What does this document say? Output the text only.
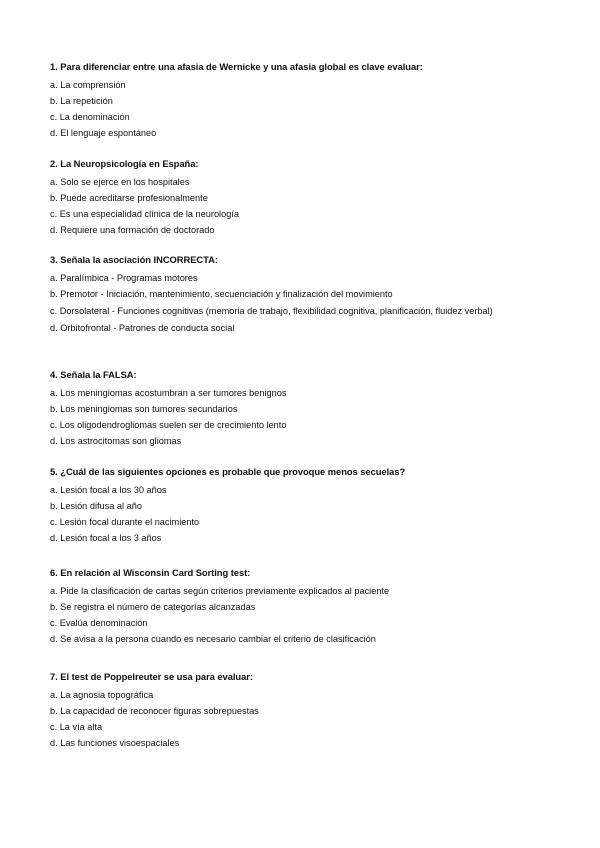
1. Para diferenciar entre una afasia de Wernicke y una afasia global es clave evaluar:
a. La comprensión
b. La repetición
c. La denominación
d. El lenguaje espontáneo
2. La Neuropsicología en España:
a. Solo se ejerce en los hospitales
b. Puede acreditarse profesionalmente
c. Es una especialidad clínica de la neurología
d. Requiere una formación de doctorado
3. Señala la asociación INCORRECTA:
a. Paralímbica - Programas motores
b. Premotor - Iniciación, mantenimiento, secuenciación y finalización del movimiento
c. Dorsolateral - Funciones cognitivas (memoria de trabajo, flexibilidad cognitiva, planificación, fluidez verbal)
d. Orbitofrontal - Patrones de conducta social
4. Señala la FALSA:
a. Los meningiomas acostumbran a ser tumores benignos
b. Los meningiomas son tumores secundarios
c. Los oligodendrogliomas suelen ser de crecimiento lento
d. Los astrocitomas son gliomas
5. ¿Cuál de las siguientes opciones es probable que provoque menos secuelas?
a. Lesión focal a los 30 años
b. Lesión difusa al año
c. Lesión focal durante el nacimiento
d. Lesión focal a los 3 años
6. En relación al Wisconsin Card Sorting test:
a. Pide la clasificación de cartas según criterios previamente explicados al paciente
b. Se registra el número de categorías alcanzadas
c. Evalúa denominación
d. Se avisa a la persona cuando es necesario cambiar el criterio de clasificación
7. El test de Poppelreuter se usa para evaluar:
a. La agnosia topográfica
b. La capacidad de reconocer figuras sobrepuestas
c. La vía alta
d. Las funciones visoespaciales
